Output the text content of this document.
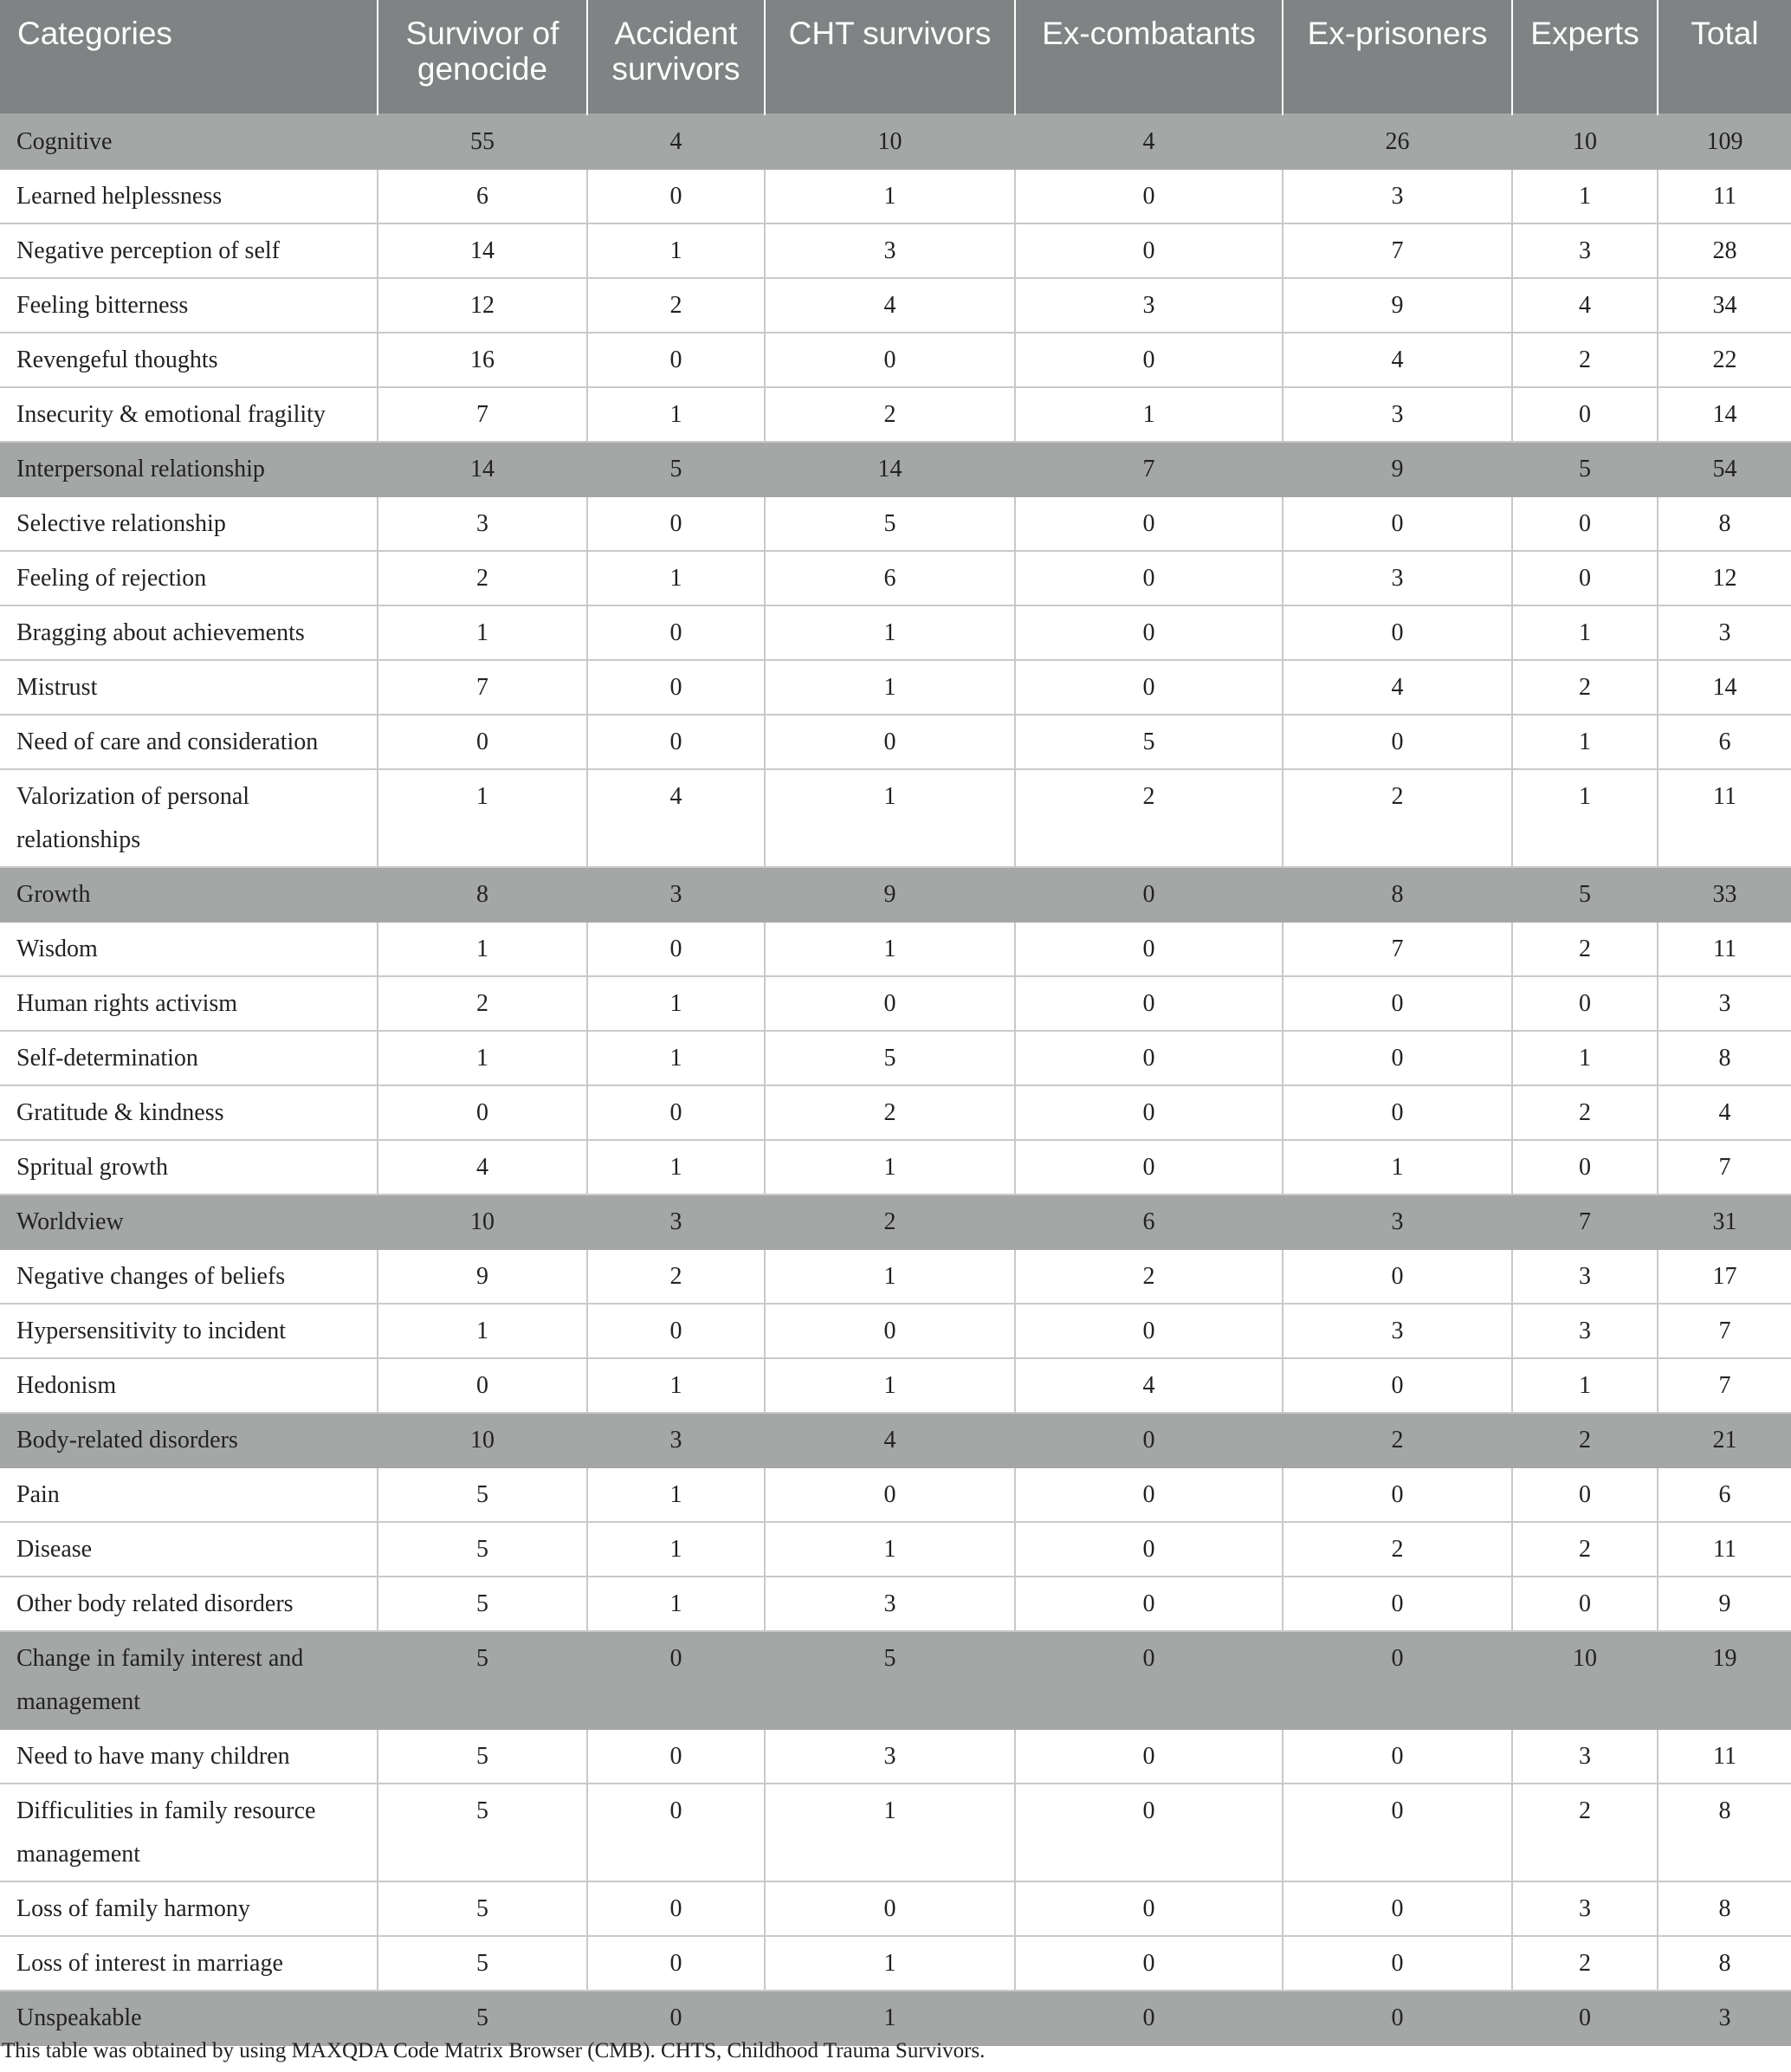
Categories	Survivor of genocide	Accident survivors	CHT survivors	Ex-combatants	Ex-prisoners	Experts	Total

Cognitive	55	4	10	4	26	10	109
Learned helplessness	6	0	1	0	3	1	11
Negative perception of self	14	1	3	0	7	3	28
Feeling bitterness	12	2	4	3	9	4	34
Revengeful thoughts	16	0	0	0	4	2	22
Insecurity & emotional fragility	7	1	2	1	3	0	14
Interpersonal relationship	14	5	14	7	9	5	54
Selective relationship	3	0	5	0	0	0	8
Feeling of rejection	2	1	6	0	3	0	12
Bragging about achievements	1	0	1	0	0	1	3
Mistrust	7	0	1	0	4	2	14
Need of care and consideration	0	0	0	5	0	1	6
Valorization of personal relationships	1	4	1	2	2	1	11
Growth	8	3	9	0	8	5	33
Wisdom	1	0	1	0	7	2	11
Human rights activism	2	1	0	0	0	0	3
Self-determination	1	1	5	0	0	1	8
Gratitude & kindness	0	0	2	0	0	2	4
Spritual growth	4	1	1	0	1	0	7
Worldview	10	3	2	6	3	7	31
Negative changes of beliefs	9	2	1	2	0	3	17
Hypersensitivity to incident	1	0	0	0	3	3	7
Hedonism	0	1	1	4	0	1	7
Body-related disorders	10	3	4	0	2	2	21
Pain	5	1	0	0	0	0	6
Disease	5	1	1	0	2	2	11
Other body related disorders	5	1	3	0	0	0	9
Change in family interest and management	5	0	5	0	0	10	19
Need to have many children	5	0	3	0	0	3	11
Difficulities in family resource management	5	0	1	0	0	2	8
Loss of family harmony	5	0	0	0	0	3	8
Loss of interest in marriage	5	0	1	0	0	2	8
Unspeakable	5	0	1	0	0	0	3
This table was obtained by using MAXQDA Code Matrix Browser (CMB). CHTS, Childhood Trauma Survivors.
